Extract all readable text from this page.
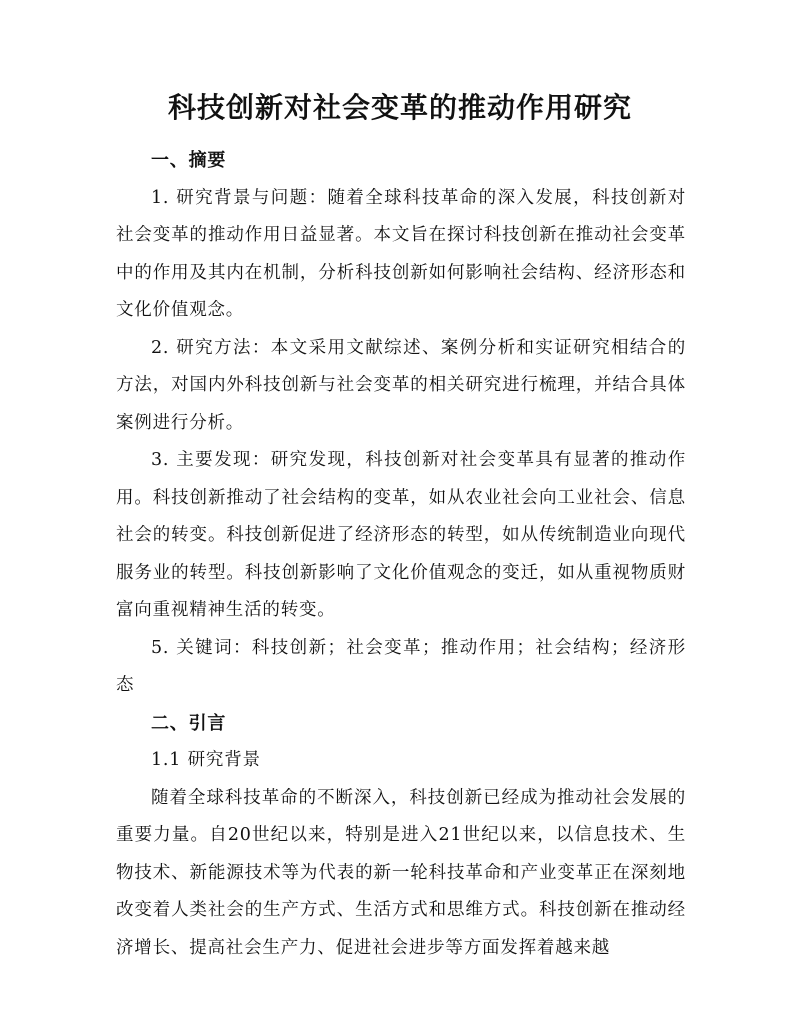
科技创新对社会变革的推动作用研究

一、摘要

1. 研究背景与问题：随着全球科技革命的深入发展，科技创新对社会变革的推动作用日益显著。本文旨在探讨科技创新在推动社会变革中的作用及其内在机制，分析科技创新如何影响社会结构、经济形态和文化价值观念。

2. 研究方法：本文采用文献综述、案例分析和实证研究相结合的方法，对国内外科技创新与社会变革的相关研究进行梳理，并结合具体案例进行分析。

3. 主要发现：研究发现，科技创新对社会变革具有显著的推动作用。科技创新推动了社会结构的变革，如从农业社会向工业社会、信息社会的转变。科技创新促进了经济形态的转型，如从传统制造业向现代服务业的转型。科技创新影响了文化价值观念的变迁，如从重视物质财富向重视精神生活的转变。

5. 关键词：科技创新；社会变革；推动作用；社会结构；经济形态

二、引言

1.1 研究背景

随着全球科技革命的不断深入，科技创新已经成为推动社会发展的重要力量。自20世纪以来，特别是进入21世纪以来，以信息技术、生物技术、新能源技术等为代表的新一轮科技革命和产业变革正在深刻地改变着人类社会的生产方式、生活方式和思维方式。科技创新在推动经济增长、提高社会生产力、促进社会进步等方面发挥着越来越
